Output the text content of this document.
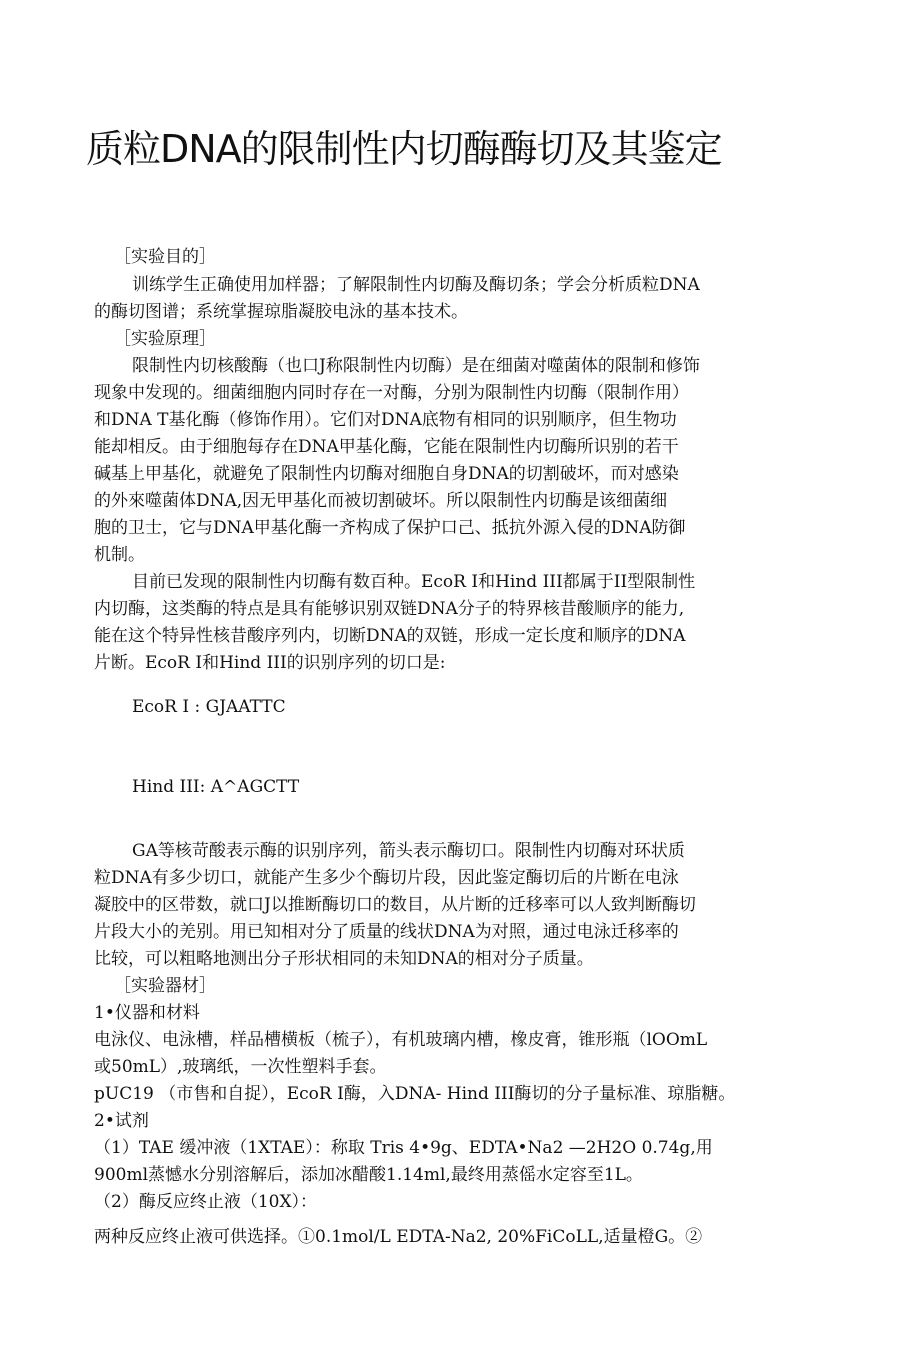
质粒DNA的限制性内切酶酶切及其鉴定
［实验目的］
训练学生正确使用加样器；了解限制性内切酶及酶切条；学会分析质粒DNA
的酶切图谱；系统掌握琼脂凝胶电泳的基本技术。
［实验原理］
限制性内切核酸酶（也口J称限制性内切酶）是在细菌对噬菌体的限制和修饰
现象中发现的。细菌细胞内同时存在一对酶，分别为限制性内切酶（限制作用）
和DNA T基化酶（修饰作用）。它们对DNA底物有相同的识别顺序，但生物功
能却相反。由于细胞每存在DNA甲基化酶，它能在限制性内切酶所识别的若干
碱基上甲基化，就避免了限制性内切酶对细胞自身DNA的切割破坏，而对感染
的外來噬菌体DNA,因无甲基化而被切割破坏。所以限制性内切酶是该细菌细
胞的卫士，它与DNA甲基化酶一齐构成了保护口己、抵抗外源入侵的DNA防御
机制。
目前已发现的限制性内切酶有数百种。EcoR I和Hind III都属于II型限制性
内切酶，这类酶的特点是具有能够识别双链DNA分子的特界核昔酸顺序的能力,
能在这个特异性核昔酸序列内，切断DNA的双链，形成一定长度和顺序的DNA
片断。EcoR I和Hind III的识别序列的切口是:
EcoR I : GJAATTC
Hind III: A^AGCTT
GA等核苛酸表示酶的识别序列，箭头表示酶切口。限制性内切酶对环状质
粒DNA有多少切口，就能产生多少个酶切片段，因此鉴定酶切后的片断在电泳
凝胶中的区带数，就口J以推断酶切口的数目，从片断的迁移率可以人致判断酶切
片段大小的羌别。用已知相对分了质量的线状DNA为对照，通过电泳迁移率的
比较，可以粗略地测出分子形状相同的未知DNA的相对分子质量。
［实验器材］
1•仪器和材料
电泳仪、电泳槽，样品槽横板（梳子），有机玻璃内槽，橡皮膏，锥形瓶（lOOmL
或50mL）,玻璃纸，一次性塑料手套。
pUC19 （市售和自捉），EcoR I酶，入DNA- Hind III酶切的分子量标准、琼脂糖。
2•试剂
（1）TAE 缓冲液（1XTAE）：称取 Tris 4•9g、EDTA•Na2 —2H2O 0.74g,用
900ml蒸憾水分别溶解后，添加冰醋酸1.14ml,最终用蒸傜水定容至1L。
（2）酶反应终止液（10X）：
两种反应终止液可供选择。①0.1mol/L EDTA-Na2, 20%FiCoLL,适量橙G。②
